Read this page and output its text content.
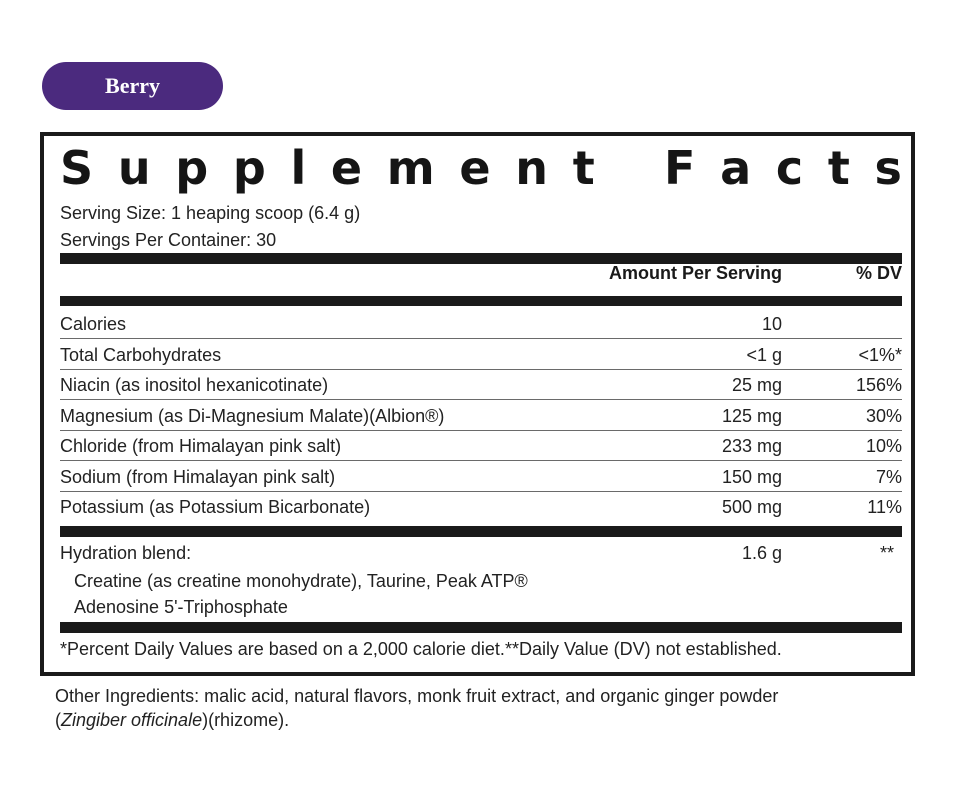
Berry
S u p p l e m e n t F a c t s
Serving Size: 1 heaping scoop (6.4 g)
Servings Per Container: 30
Amount Per Serving	% DV
Calories	10
Total Carbohydrates	<1 g	<1%*
Niacin (as inositol hexanicotinate)	25 mg	156%
Magnesium (as Di-Magnesium Malate)(Albion®)	125 mg	30%
Chloride (from Himalayan pink salt)	233 mg	10%
Sodium (from Himalayan pink salt)	150 mg	7%
Potassium (as Potassium Bicarbonate)	500 mg	11%
Hydration blend:	1.6 g	**
Creatine (as creatine monohydrate), Taurine, Peak ATP®
Adenosine 5'-Triphosphate
*Percent Daily Values are based on a 2,000 calorie diet.**Daily Value (DV) not established.
Other Ingredients: malic acid, natural flavors, monk fruit extract, and organic ginger powder
(Zingiber officinale)(rhizome).
